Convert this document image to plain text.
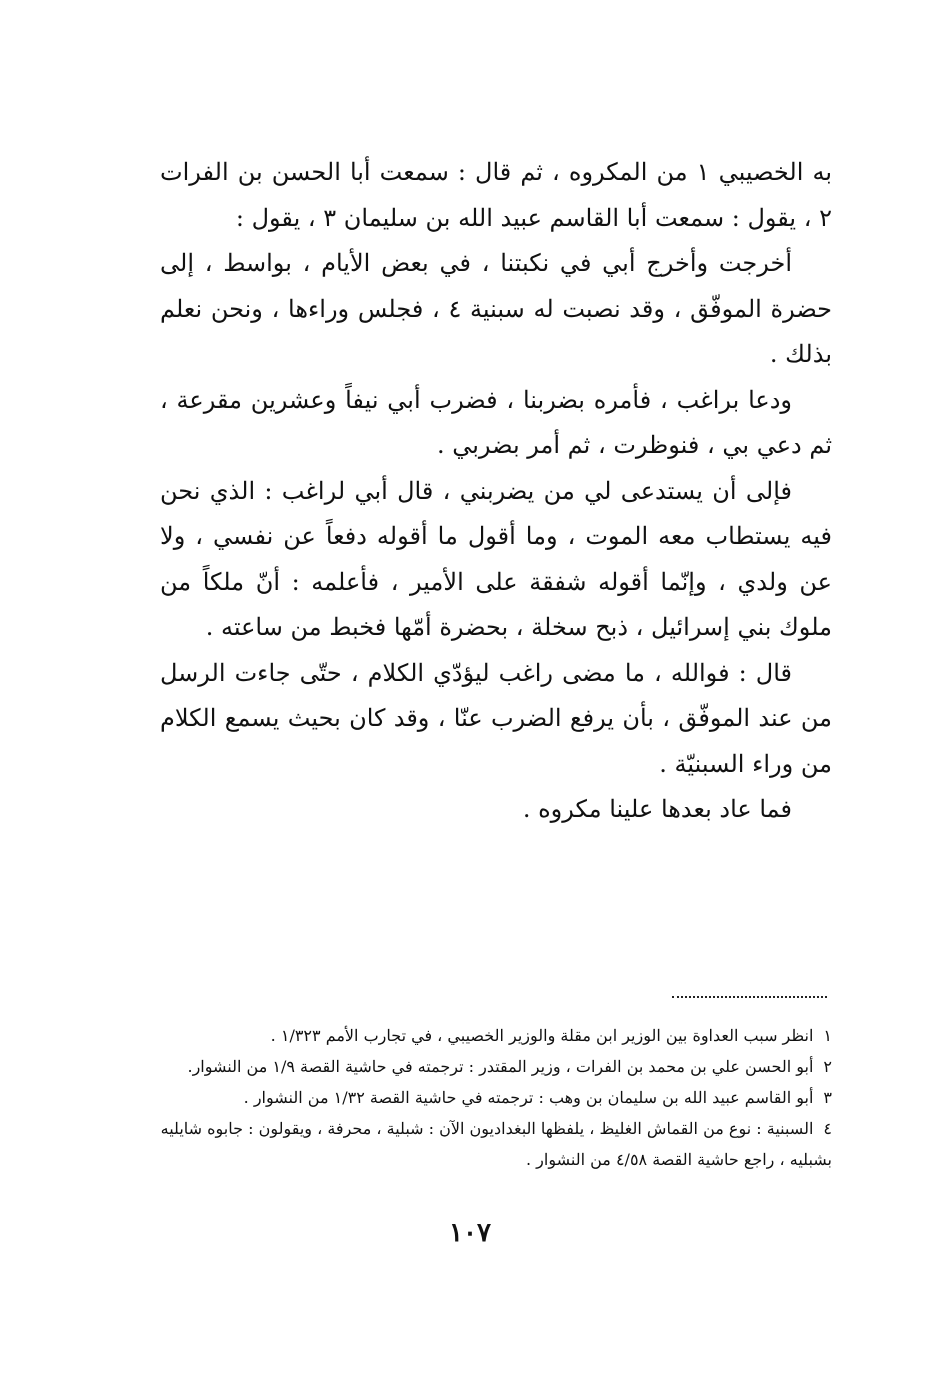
به الخصيبي ١ من المكروه ، ثم قال : سمعت أبا الحسن بن الفرات ٢ ، يقول : سمعت أبا القاسم عبيد الله بن سليمان ٣ ، يقول :

أخرجت وأخرج أبي في نكبتنا ، في بعض الأيام ، بواسط ، إلى حضرة الموفّق ، وقد نصبت له سبنية ٤ ، فجلس وراءها ، ونحن نعلم بذلك .

ودعا براغب ، فأمره بضربنا ، فضرب أبي نيفاً وعشرين مقرعة ، ثم دعي بي ، فنوظرت ، ثم أمر بضربي .

فإلى أن يستدعى لي من يضربني ، قال أبي لراغب : الذي نحن فيه يستطاب معه الموت ، وما أقول ما أقوله دفعاً عن نفسي ، ولا عن ولدي ، وإنّما أقوله شفقة على الأمير ، فأعلمه : أنّ ملكاً من ملوك بني إسرائيل ، ذبح سخلة ، بحضرة أمّها فخبط من ساعته .

قال : فوالله ، ما مضى راغب ليؤدّي الكلام ، حتّى جاءت الرسل من عند الموفّق ، بأن يرفع الضرب عنّا ، وقد كان بحيث يسمع الكلام من وراء السبنيّة .

فما عاد بعدها علينا مكروه .

١انظر سبب العداوة بين الوزير ابن مقلة والوزير الخصيبي ، في تجارب الأمم ١/٣٢٣ .

٢أبو الحسن علي بن محمد بن الفرات ، وزير المقتدر : ترجمته في حاشية القصة ١/٩ من النشوار.

٣أبو القاسم عبيد الله بن سليمان بن وهب : ترجمته في حاشية القصة ١/٣٢ من النشوار .

٤السبنية : نوع من القماش الغليظ ، يلفظها البغداديون الآن : شبلية ، محرفة ، ويقولون : جابوه شايليه بشبليه ، راجع حاشية القصة ٤/٥٨ من النشوار .

١٠٧
